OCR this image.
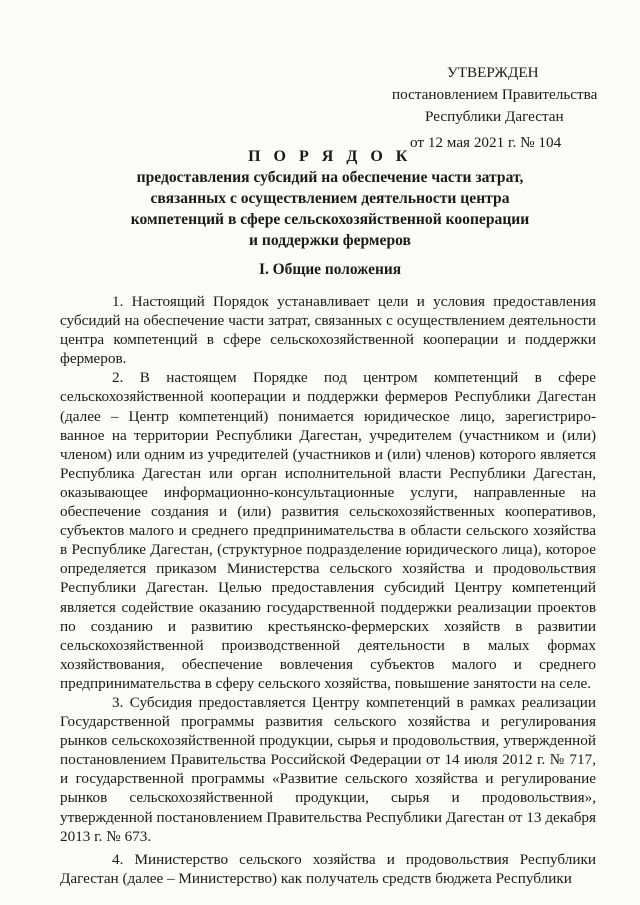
УТВЕРЖДЕН
постановлением Правительства
Республики Дагестан
от 12 мая 2021 г. № 104
П О Р Я Д О К
предоставления субсидий на обеспечение части затрат,
связанных с осуществлением деятельности центра
компетенций в сфере сельскохозяйственной кооперации
и поддержки фермеров
I. Общие положения

1. Настоящий Порядок устанавливает цели и условия предоставления субсидий на обеспечение части затрат, связанных с осуществлением деятельности центра компетенций в сфере сельскохозяйственной кооперации и поддержки фермеров.

2. В настоящем Порядке под центром компетенций в сфере сельскохозяйственной кооперации и поддержки фермеров Республики Дагестан (далее – Центр компетенций) понимается юридическое лицо, зарегистриро-ванное на территории Республики Дагестан, учредителем (участником и (или) членом) или одним из учредителей (участников и (или) членов) которого является Республика Дагестан или орган исполнительной власти Республики Дагестан, оказывающее информационно-консультационные услуги, направленные на обеспечение создания и (или) развития сельскохозяйственных кооперативов, субъектов малого и среднего предпринимательства в области сельского хозяйства в Республике Дагестан, (структурное подразделение юридического лица), которое определяется приказом Министерства сельского хозяйства и продовольствия Республики Дагестан. Целью предоставления субсидий Центру компетенций является содействие оказанию государственной поддержки реализации проектов по созданию и развитию крестьянско-фермерских хозяйств в развитии сельскохозяйственной производственной деятельности в малых формах хозяйствования, обеспечение вовлечения субъектов малого и среднего предпринимательства в сферу сельского хозяйства, повышение занятости на селе.

3. Субсидия предоставляется Центру компетенций в рамках реализации Государственной программы развития сельского хозяйства и регулирования рынков сельскохозяйственной продукции, сырья и продовольствия, утвержденной постановлением Правительства Российской Федерации от 14 июля 2012 г. № 717, и государственной программы «Развитие сельского хозяйства и регулирование рынков сельскохозяйственной продукции, сырья и продовольствия», утвержденной постановлением Правительства Республики Дагестан от 13 декабря 2013 г. № 673.

4. Министерство сельского хозяйства и продовольствия Республики Дагестан (далее – Министерство) как получатель средств бюджета Республики
